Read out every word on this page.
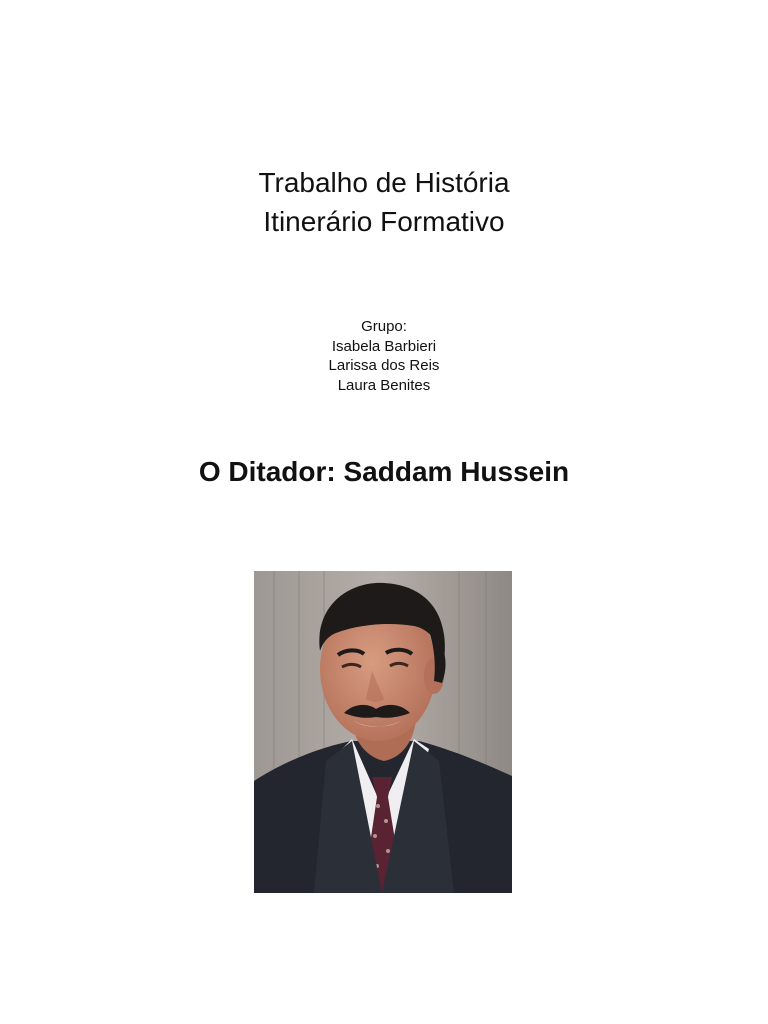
Trabalho de História
Itinerário Formativo
Grupo:
Isabela Barbieri
Larissa dos Reis
Laura Benites
O Ditador: Saddam Hussein
